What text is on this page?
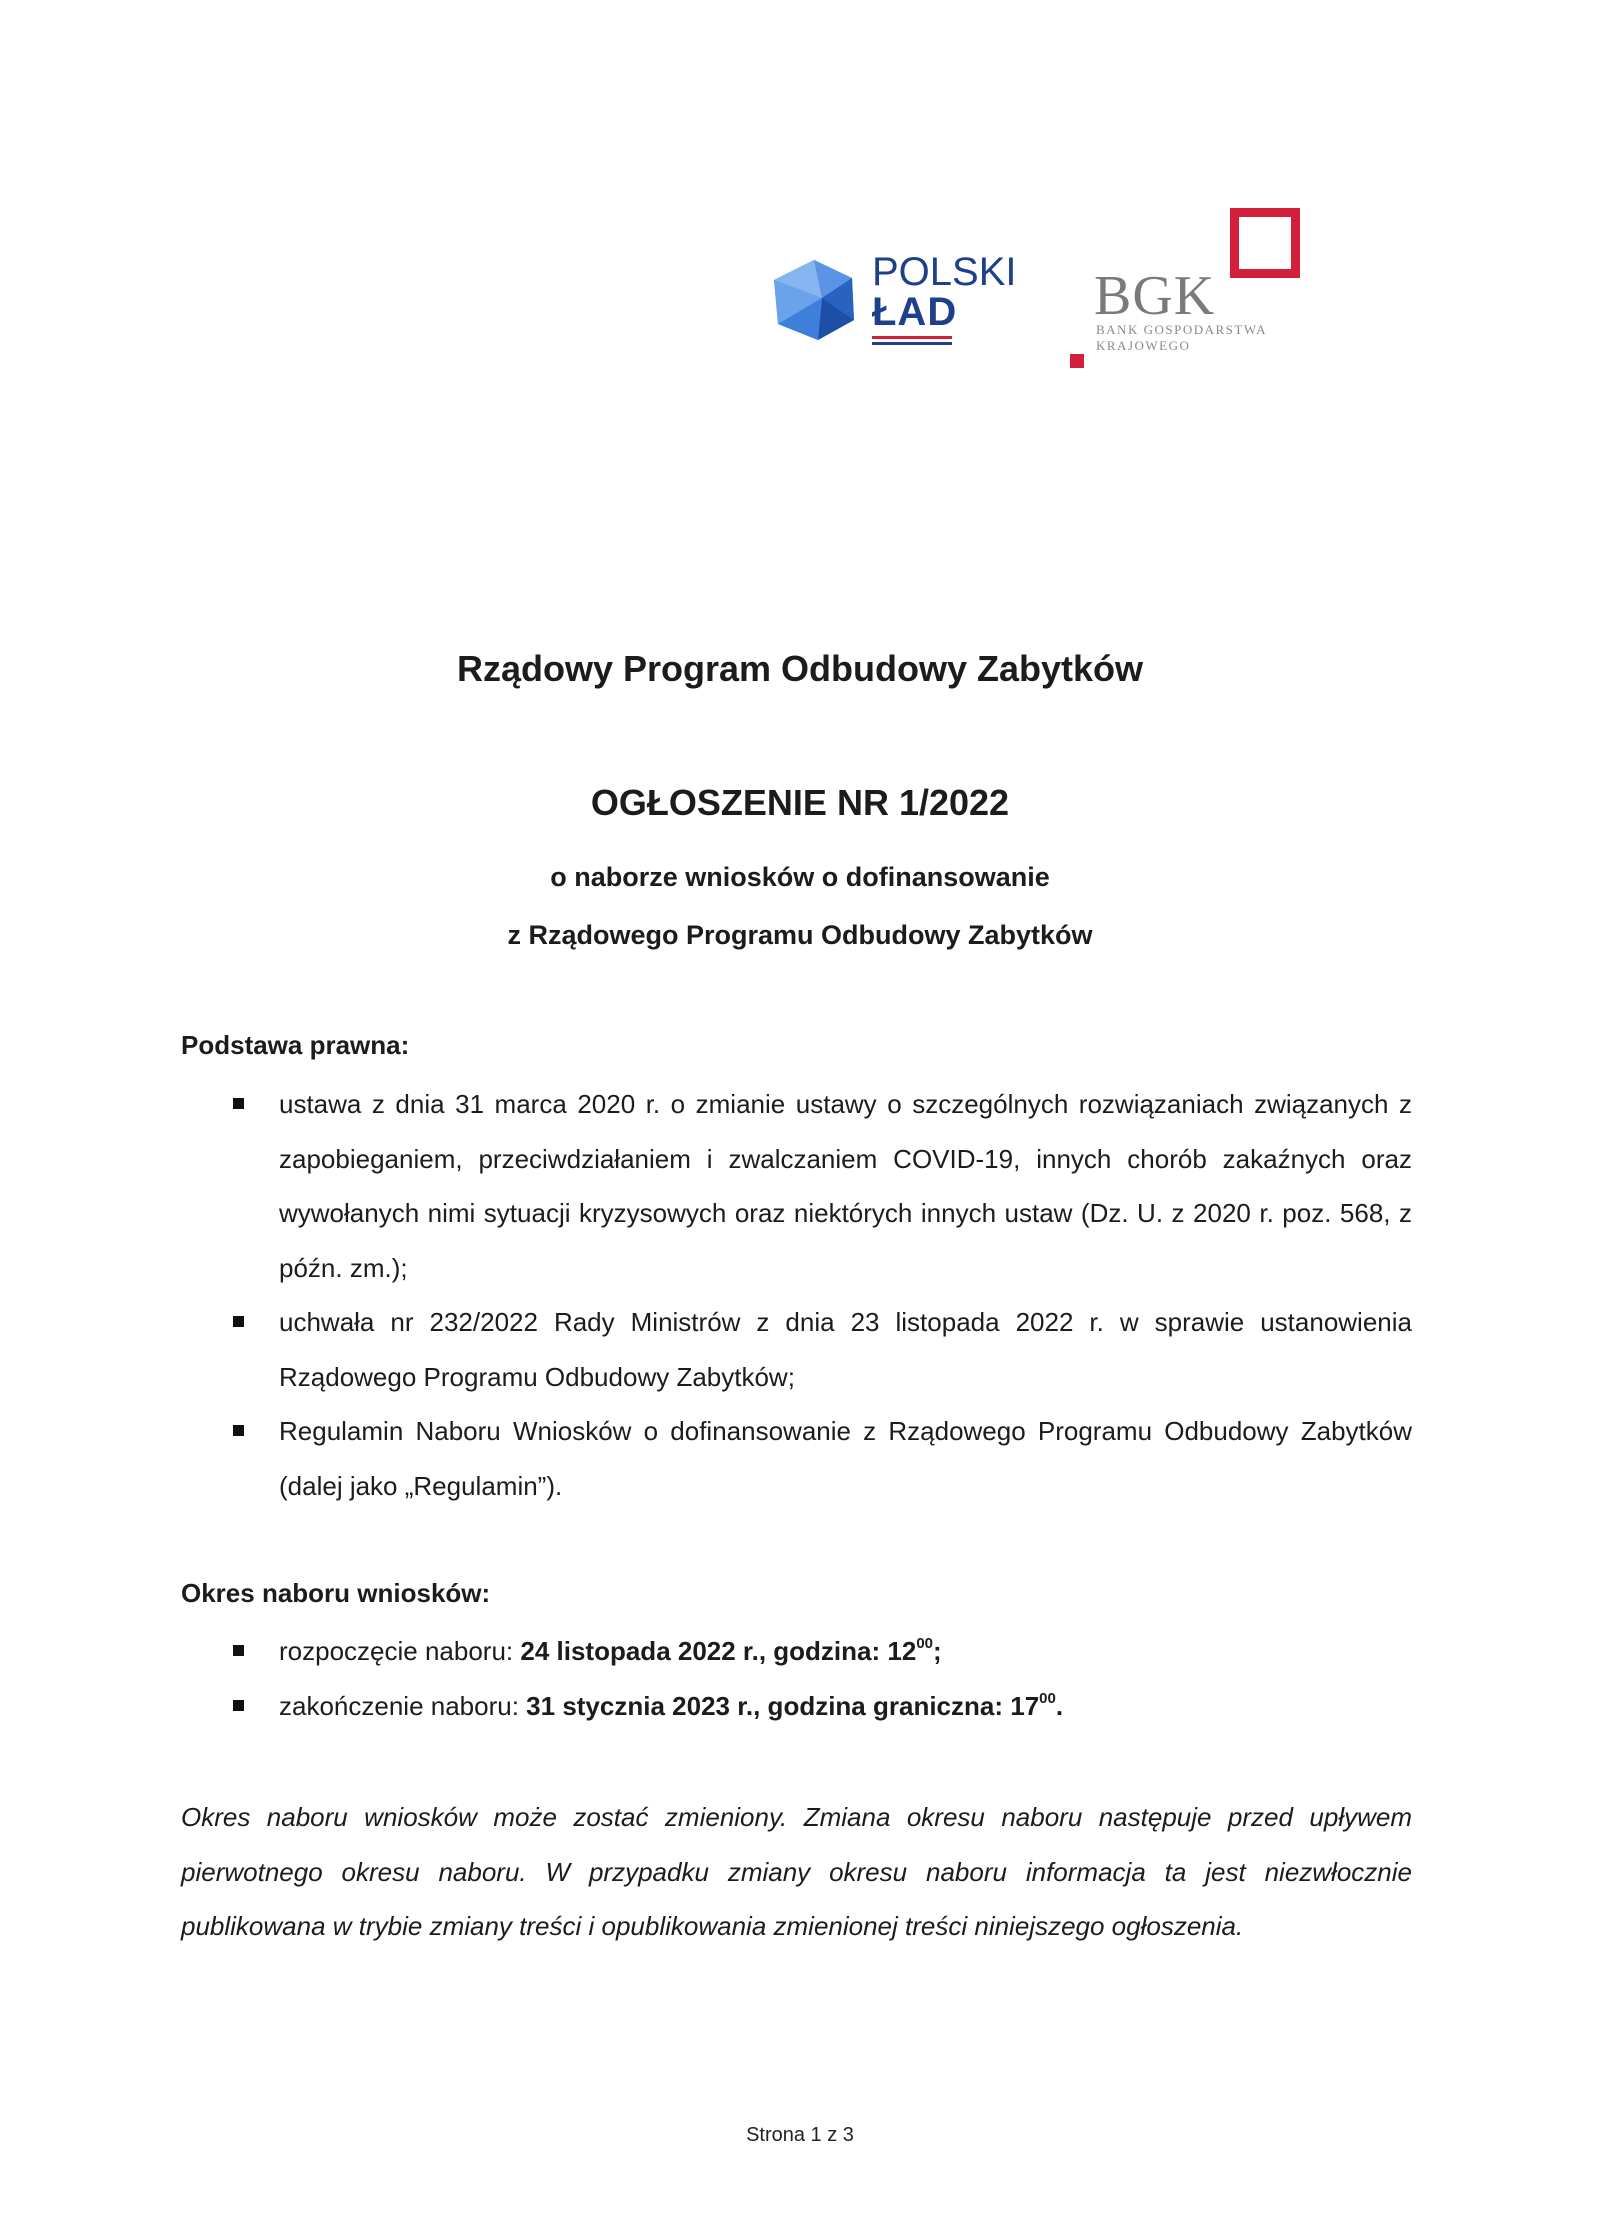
POLSKI
ŁAD	BGK
BANK GOSPODARSTWA
KRAJOWEGO
Rządowy Program Odbudowy Zabytków
OGŁOSZENIE NR 1/2022
o naborze wniosków o dofinansowanie
z Rządowego Programu Odbudowy Zabytków
Podstawa prawna:
ustawa z dnia 31 marca 2020 r. o zmianie ustawy o szczególnych rozwiązaniach związanych z zapobieganiem, przeciwdziałaniem i zwalczaniem COVID-19, innych chorób zakaźnych oraz wywołanych nimi sytuacji kryzysowych oraz niektórych innych ustaw (Dz. U. z 2020 r. poz. 568, z późn. zm.);
uchwała nr 232/2022 Rady Ministrów z dnia 23 listopada 2022 r. w sprawie ustanowienia Rządowego Programu Odbudowy Zabytków;
Regulamin Naboru Wniosków o dofinansowanie z Rządowego Programu Odbudowy Zabytków (dalej jako „Regulamin”).
Okres naboru wniosków:
rozpoczęcie naboru: 24 listopada 2022 r., godzina: $12^{00}$;
zakończenie naboru: 31 stycznia 2023 r., godzina graniczna: $17^{00}$.

Okres naboru wniosków może zostać zmieniony. Zmiana okresu naboru następuje przed upływem pierwotnego okresu naboru. W przypadku zmiany okresu naboru informacja ta jest niezwłocznie publikowana w trybie zmiany treści i opublikowania zmienionej treści niniejszego ogłoszenia.

Strona 1 z 3
